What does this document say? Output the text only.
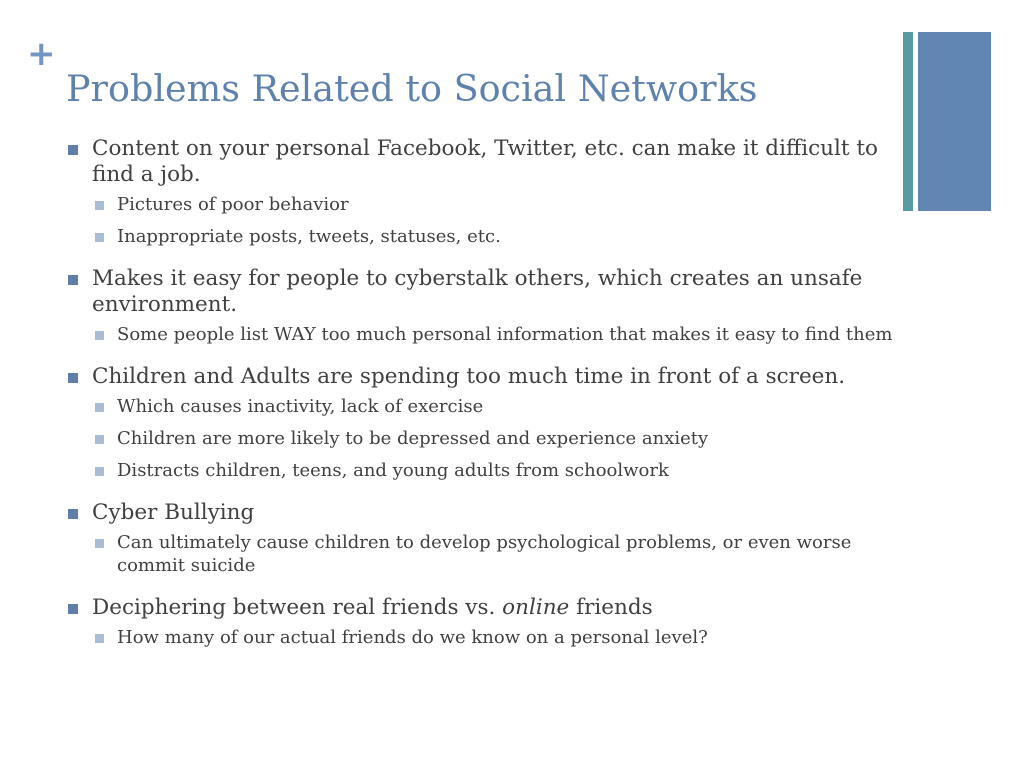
+
Problems Related to Social Networks
Content on your personal Facebook, Twitter, etc. can make it difficult to find a job.
Pictures of poor behavior
Inappropriate posts, tweets, statuses, etc.
Makes it easy for people to cyberstalk others, which creates an unsafe environment.
Some people list WAY too much personal information that makes it easy to find them
Children and Adults are spending too much time in front of a screen.
Which causes inactivity, lack of exercise
Children are more likely to be depressed and experience anxiety
Distracts children, teens, and young adults from schoolwork
Cyber Bullying
Can ultimately cause children to develop psychological problems, or even worse commit suicide
Deciphering between real friends vs. online friends
How many of our actual friends do we know on a personal level?
